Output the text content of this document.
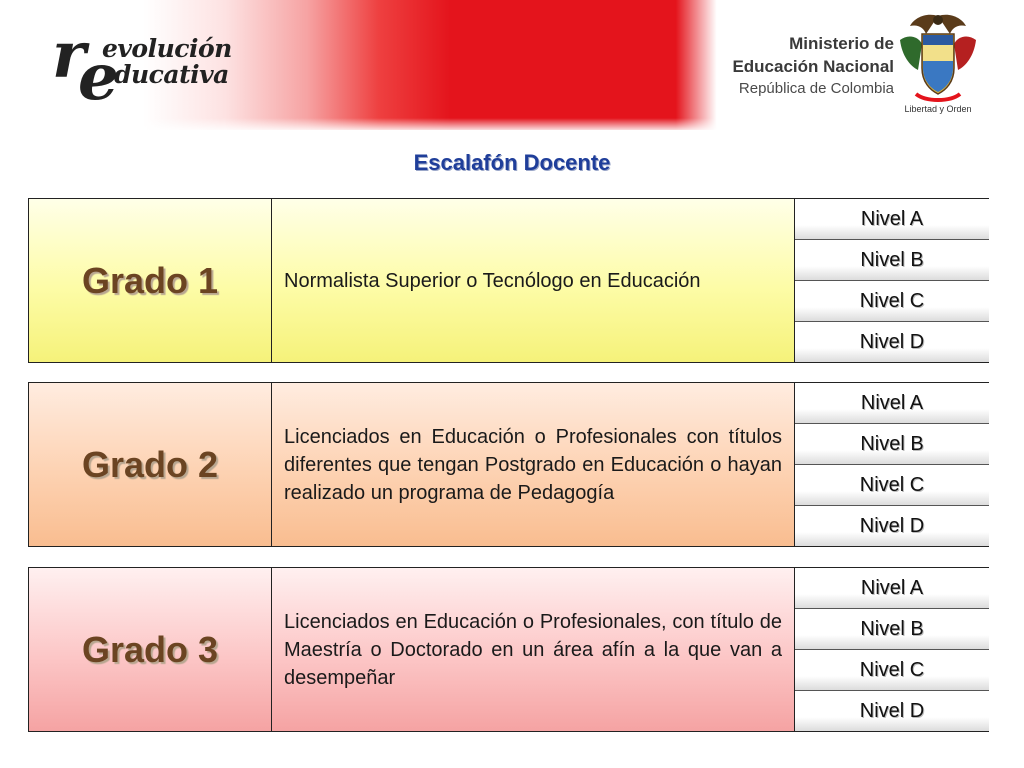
r
e
evolución
ducativa
Ministerio de
Educación Nacional
República de Colombia
Libertad y Orden
Escalafón Docente
Grado 1	Normalista Superior o Tecnólogo en Educación

Nivel A
Nivel B
Nivel C
Nivel D
Grado 2

Licenciados en Educación o Profesionales con títulos diferentes que tengan Postgrado en Educación o hayan realizado un programa de Pedagogía

Nivel A
Nivel B
Nivel C
Nivel D
Grado 3

Licenciados en Educación o Profesionales, con título de Maestría o Doctorado en un área afín a la que van a desempeñar

Nivel A
Nivel B
Nivel C
Nivel D
